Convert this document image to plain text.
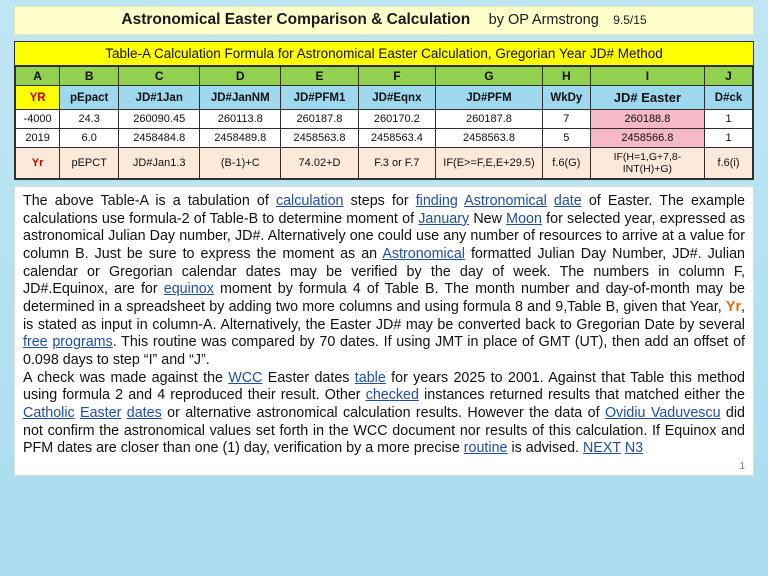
Astronomical Easter Comparison & Calculation by OP Armstrong 9.5/15
Table-A Calculation Formula for Astronomical Easter Calculation, Gregorian Year JD# Method
A	B	C	D	E	F	G	H	I	J
YR	pEpact	JD#1Jan	JD#JanNM	JD#PFM1	JD#Eqnx	JD#PFM	WkDy	JD# Easter	D#ck
-4000	24.3	260090.45	260113.8	260187.8	260170.2	260187.8	7	260188.8	1
2019	6.0	2458484.8	2458489.8	2458563.8	2458563.4	2458563.8	5	2458566.8	1
Yr	pEPCT	JD#Jan1.3	(B-1)+C	74.02+D	F.3 or F.7	IF(E>=F,E,E+29.5)	f.6(G)	IF(H=1,G+7,8-INT(H)+G)	f.6(i)

The above Table-A is a tabulation of calculation steps for finding Astronomical date of Easter. The example calculations use formula-2 of Table-B to determine moment of January New Moon for selected year, expressed as astronomical Julian Day number, JD#. Alternatively one could use any number of resources to arrive at a value for column B. Just be sure to express the moment as an Astronomical formatted Julian Day Number, JD#. Julian calendar or Gregorian calendar dates may be verified by the day of week. The numbers in column F, JD#.Equinox, are for equinox moment by formula 4 of Table B. The month number and day-of-month may be determined in a spreadsheet by adding two more columns and using formula 8 and 9,Table B, given that Year, Yr, is stated as input in column-A. Alternatively, the Easter JD# may be converted back to Gregorian Date by several free programs. This routine was compared by 70 dates. If using JMT in place of GMT (UT), then add an offset of 0.098 days to step “I” and “J”.

A check was made against the WCC Easter dates table for years 2025 to 2001. Against that Table this method using formula 2 and 4 reproduced their result. Other checked instances returned results that matched either the Catholic Easter dates or alternative astronomical calculation results. However the data of Ovidiu Vaduvescu did not confirm the astronomical values set forth in the WCC document nor results of this calculation. If Equinox and PFM dates are closer than one (1) day, verification by a more precise routine is advised. NEXT N3

1
